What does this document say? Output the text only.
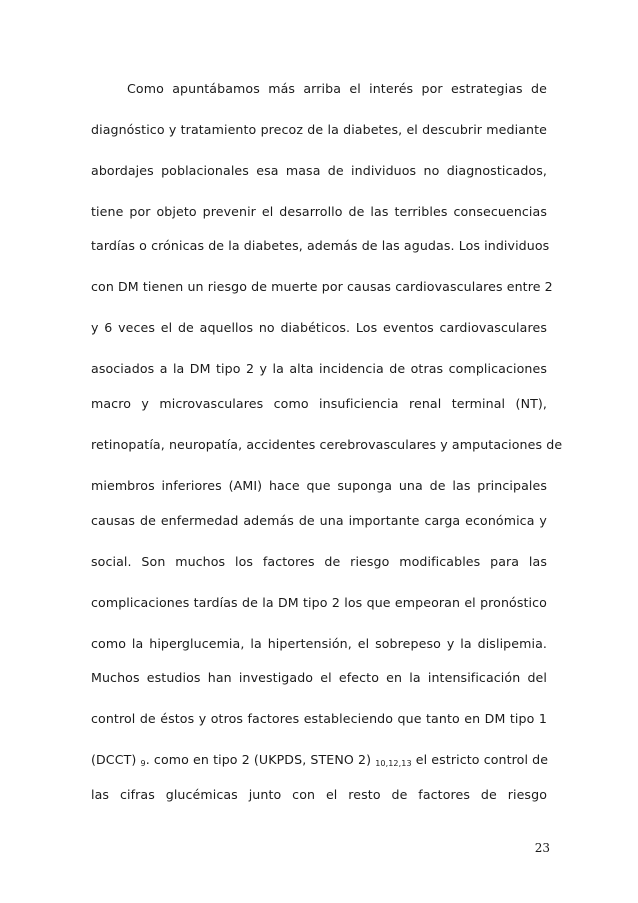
Como apuntábamos más arriba el interés por estrategias de
diagnóstico y tratamiento precoz de la diabetes, el descubrir mediante
abordajes poblacionales esa masa de individuos no diagnosticados,
tiene por objeto prevenir el desarrollo de las terribles consecuencias
tardías o crónicas de la diabetes, además de las agudas. Los individuos
con DM tienen un riesgo de muerte por causas cardiovasculares entre 2
y 6 veces el de aquellos no diabéticos. Los eventos cardiovasculares
asociados a la DM tipo 2 y la alta incidencia de otras complicaciones
macro y microvasculares como insuficiencia renal terminal (NT),
retinopatía, neuropatía, accidentes cerebrovasculares y amputaciones de
miembros inferiores (AMI) hace que suponga una de las principales
causas de enfermedad además de una importante carga económica y
social. Son muchos los factores de riesgo modificables para las
complicaciones tardías de la DM tipo 2 los que empeoran el pronóstico
como la hiperglucemia, la hipertensión, el sobrepeso y la dislipemia.
Muchos estudios han investigado el efecto en la intensificación del
control de éstos y otros factores estableciendo que tanto en DM tipo 1
(DCCT) $_9$. como en tipo 2 (UKPDS, STENO 2) $_{10,12,13}$ el estricto control de
las cifras glucémicas junto con el resto de factores de riesgo
23
